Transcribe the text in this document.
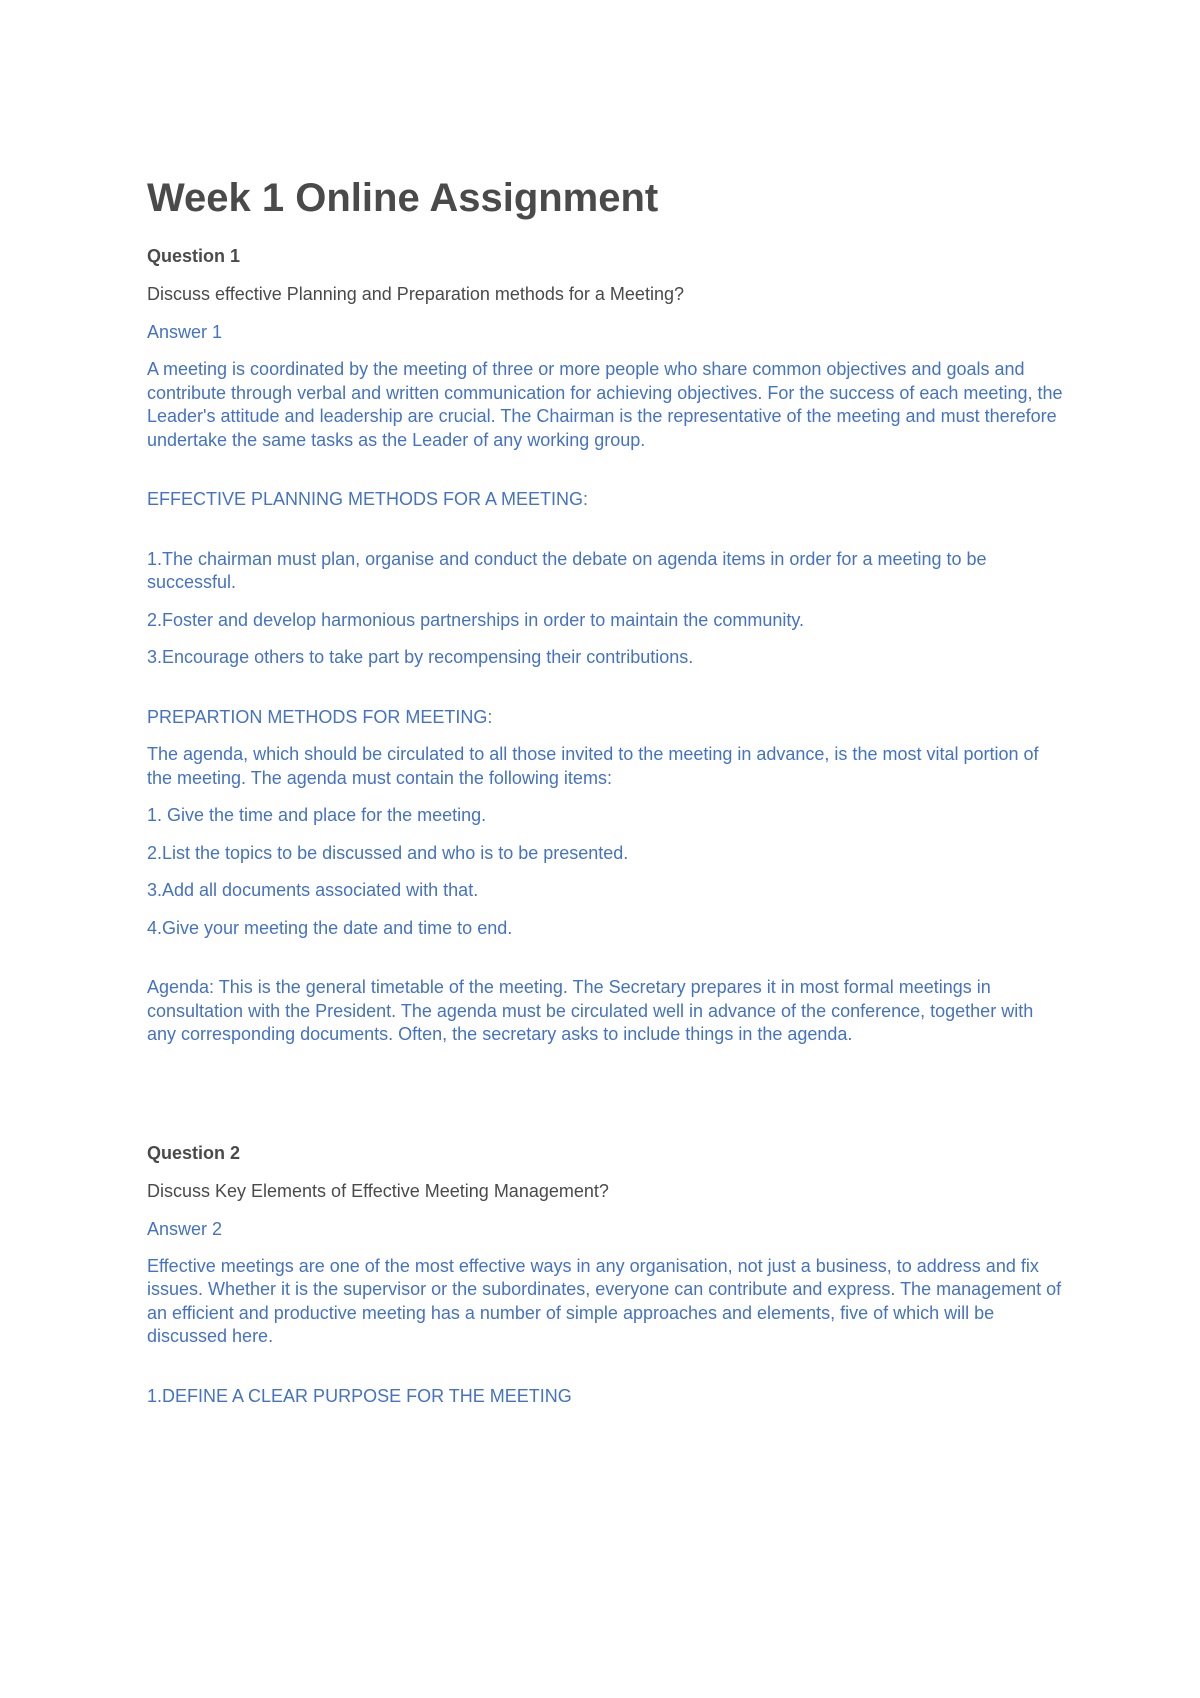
Week 1 Online Assignment
Question 1
Discuss effective Planning and Preparation methods for a Meeting?
Answer 1

A meeting is coordinated by the meeting of three or more people who share common objectives and goals and contribute through verbal and written communication for achieving objectives. For the success of each meeting, the Leader's attitude and leadership are crucial. The Chairman is the representative of the meeting and must therefore undertake the same tasks as the Leader of any working group.

EFFECTIVE PLANNING METHODS FOR A MEETING:

1.The chairman must plan, organise and conduct the debate on agenda items in order for a meeting to be successful.

2.Foster and develop harmonious partnerships in order to maintain the community.

3.Encourage others to take part by recompensing their contributions.

PREPARTION METHODS FOR MEETING:

The agenda, which should be circulated to all those invited to the meeting in advance, is the most vital portion of the meeting. The agenda must contain the following items:

1. Give the time and place for the meeting.

2.List the topics to be discussed and who is to be presented.

3.Add all documents associated with that.

4.Give your meeting the date and time to end.

Agenda: This is the general timetable of the meeting. The Secretary prepares it in most formal meetings in consultation with the President. The agenda must be circulated well in advance of the conference, together with any corresponding documents. Often, the secretary asks to include things in the agenda.

Question 2
Discuss Key Elements of Effective Meeting Management?
Answer 2

Effective meetings are one of the most effective ways in any organisation, not just a business, to address and fix issues. Whether it is the supervisor or the subordinates, everyone can contribute and express. The management of an efficient and productive meeting has a number of simple approaches and elements, five of which will be discussed here.

1.DEFINE A CLEAR PURPOSE FOR THE MEETING
